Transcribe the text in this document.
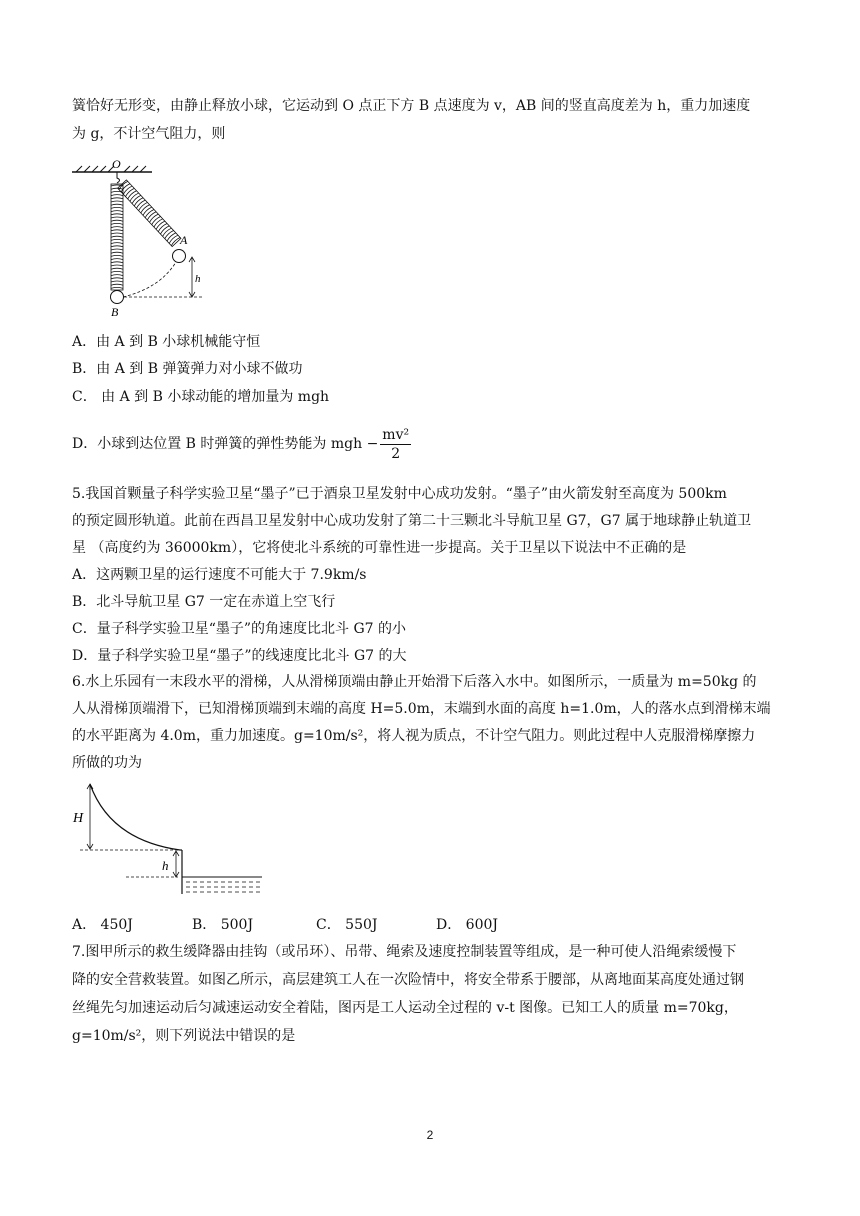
簧恰好无形变，由静止释放小球，它运动到 O 点正下方 B 点速度为 v，AB 间的竖直高度差为 h，重力加速度
为 g，不计空气阻力，则
O
A
B
h
A．由 A 到 B 小球机械能守恒
B．由 A 到 B 弹簧弹力对小球不做功
C． 由 A 到 B 小球动能的增加量为 mgh
D．小球到达位置 B 时弹簧的弹性势能为 mgh − $\frac{\text{mv²}}{2}$
5.我国首颗量子科学实验卫星“墨子”已于酒泉卫星发射中心成功发射。“墨子”由火箭发射至高度为 500km
的预定圆形轨道。此前在西昌卫星发射中心成功发射了第二十三颗北斗导航卫星 G7，G7 属于地球静止轨道卫
星 （高度约为 36000km），它将使北斗系统的可靠性进一步提高。关于卫星以下说法中不正确的是
A．这两颗卫星的运行速度不可能大于 7.9km/s
B．北斗导航卫星 G7 一定在赤道上空飞行
C．量子科学实验卫星“墨子”的角速度比北斗 G7 的小
D．量子科学实验卫星“墨子”的线速度比北斗 G7 的大
6.水上乐园有一末段水平的滑梯，人从滑梯顶端由静止开始滑下后落入水中。如图所示，一质量为 m=50kg 的
人从滑梯顶端滑下，已知滑梯顶端到末端的高度 H=5.0m，末端到水面的高度 h=1.0m，人的落水点到滑梯末端
的水平距离为 4.0m，重力加速度。g=10m/s²，将人视为质点，不计空气阻力。则此过程中人克服滑梯摩擦力
所做的功为
H
h
A． 450J	B． 500J	C． 550J	D． 600J
7.图甲所示的救生缓降器由挂钩（或吊环）、吊带、绳索及速度控制装置等组成，是一种可使人沿绳索缓慢下
降的安全营救装置。如图乙所示，高层建筑工人在一次险情中，将安全带系于腰部，从离地面某高度处通过钢
丝绳先匀加速运动后匀减速运动安全着陆，图丙是工人运动全过程的 v-t 图像。已知工人的质量 m=70kg，
g=10m/s²，则下列说法中错误的是
2
